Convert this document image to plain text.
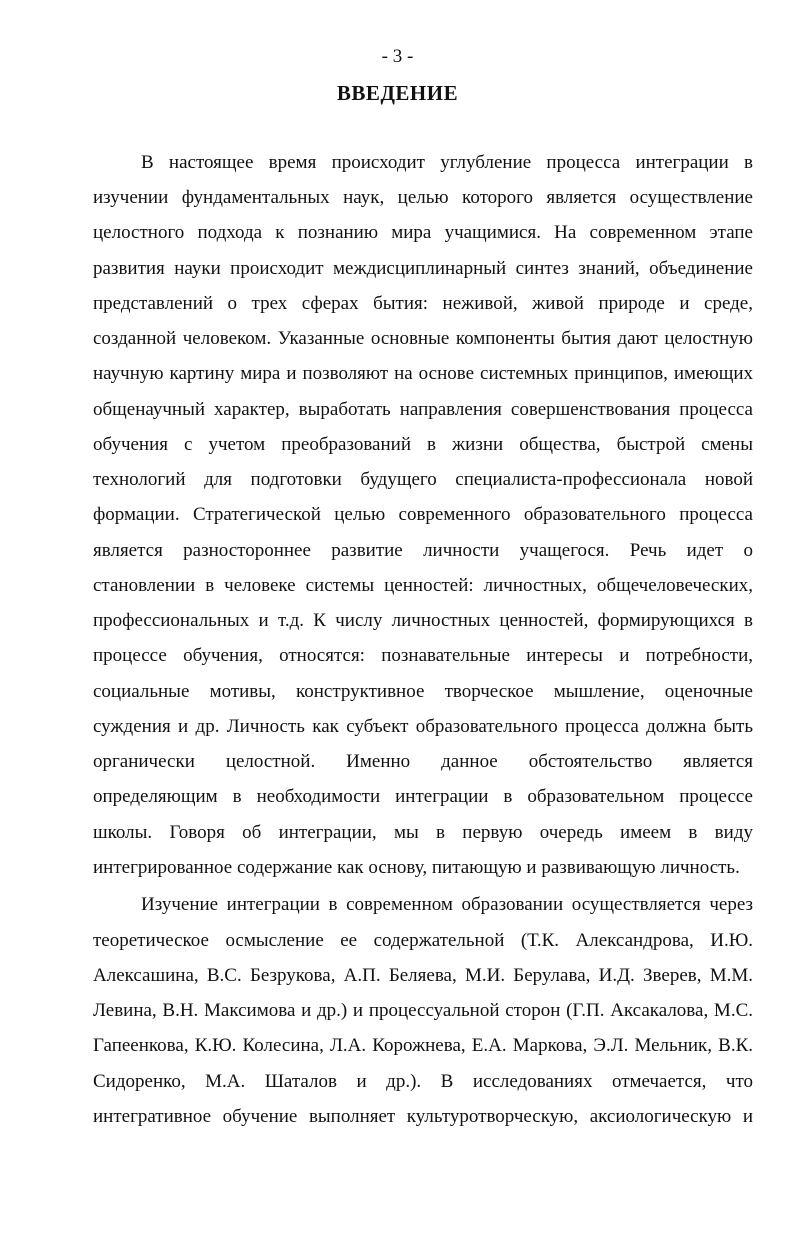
- 3 -
ВВЕДЕНИЕ
В настоящее время происходит углубление процесса интеграции в
изучении фундаментальных наук, целью которого является осуществление
целостного подхода к познанию мира учащимися. На современном этапе
развития науки происходит междисциплинарный синтез знаний, объединение
представлений о трех сферах бытия: неживой, живой природе и среде,
созданной человеком. Указанные основные компоненты бытия дают целостную
научную картину мира и позволяют на основе системных принципов, имеющих
общенаучный характер, выработать направления совершенствования процесса
обучения с учетом преобразований в жизни общества, быстрой смены
технологий для подготовки будущего специалиста-профессионала новой
формации. Стратегической целью современного образовательного процесса
является разностороннее развитие личности учащегося. Речь идет о
становлении в человеке системы ценностей: личностных, общечеловеческих,
профессиональных и т.д. К числу личностных ценностей, формирующихся в
процессе обучения, относятся: познавательные интересы и потребности,
социальные мотивы, конструктивное творческое мышление, оценочные
суждения и др. Личность как субъект образовательного процесса должна быть
органически целостной. Именно данное обстоятельство является
определяющим в необходимости интеграции в образовательном процессе
школы. Говоря об интеграции, мы в первую очередь имеем в виду
интегрированное содержание как основу, питающую и развивающую личность.
Изучение интеграции в современном образовании осуществляется через
теоретическое осмысление ее содержательной (Т.К. Александрова, И.Ю.
Алексашина, В.С. Безрукова, А.П. Беляева, М.И. Берулава, И.Д. Зверев, М.М.
Левина, В.Н. Максимова и др.) и процессуальной сторон (Г.П. Аксакалова, М.С.
Гапеенкова, К.Ю. Колесина, Л.А. Корожнева, Е.А. Маркова, Э.Л. Мельник, В.К.
Сидоренко, М.А. Шаталов и др.). В исследованиях отмечается, что
интегративное обучение выполняет культуротворческую, аксиологическую и
